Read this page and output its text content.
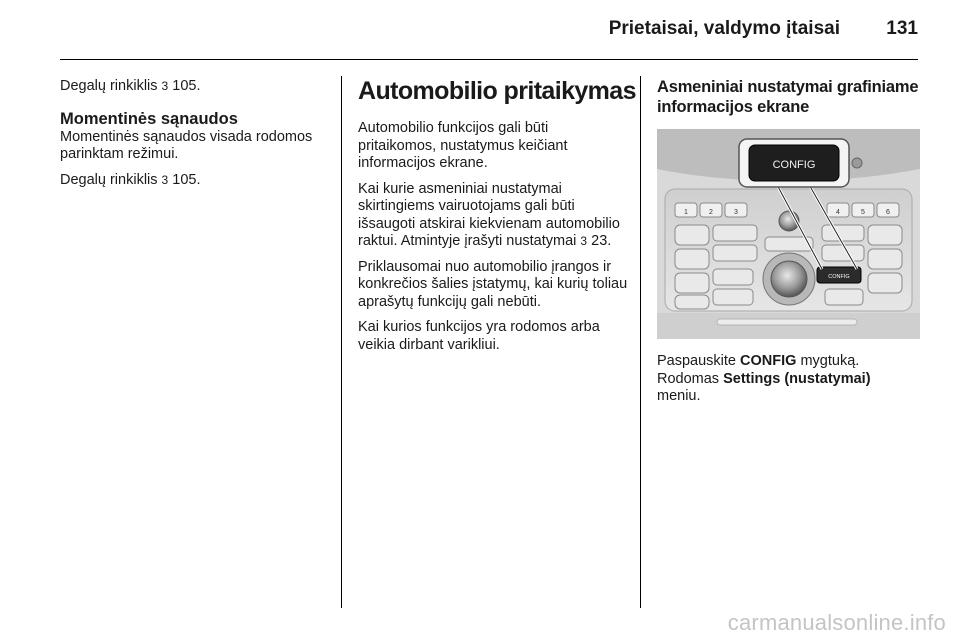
Prietaisai, valdymo įtaisai 131

Degalų rinkiklis 3 105.

Momentinės sąnaudos

Momentinės sąnaudos visada rodomos parinktam režimui.

Degalų rinkiklis 3 105.

Automobilio pritaikymas

Automobilio funkcijos gali būti pritaikomos, nustatymus keičiant informacijos ekrane.

Kai kurie asmeniniai nustatymai skirtingiems vairuotojams gali būti išsaugoti atskirai kiekvienam automobilio raktui. Atmintyje įrašyti nustatymai 3 23.

Priklausomai nuo automobilio įrangos ir konkrečios šalies įstatymų, kai kurių toliau aprašytų funkcijų gali nebūti.

Kai kurios funkcijos yra rodomos arba veikia dirbant varikliui.

Asmeniniai nustatymai grafiniame informacijos ekrane
1	2	3	4	5	6
CONFIG
CONFIG

Paspauskite CONFIG mygtuką.

Rodomas Settings (nustatymai)
meniu.

carmanualsonline.info
